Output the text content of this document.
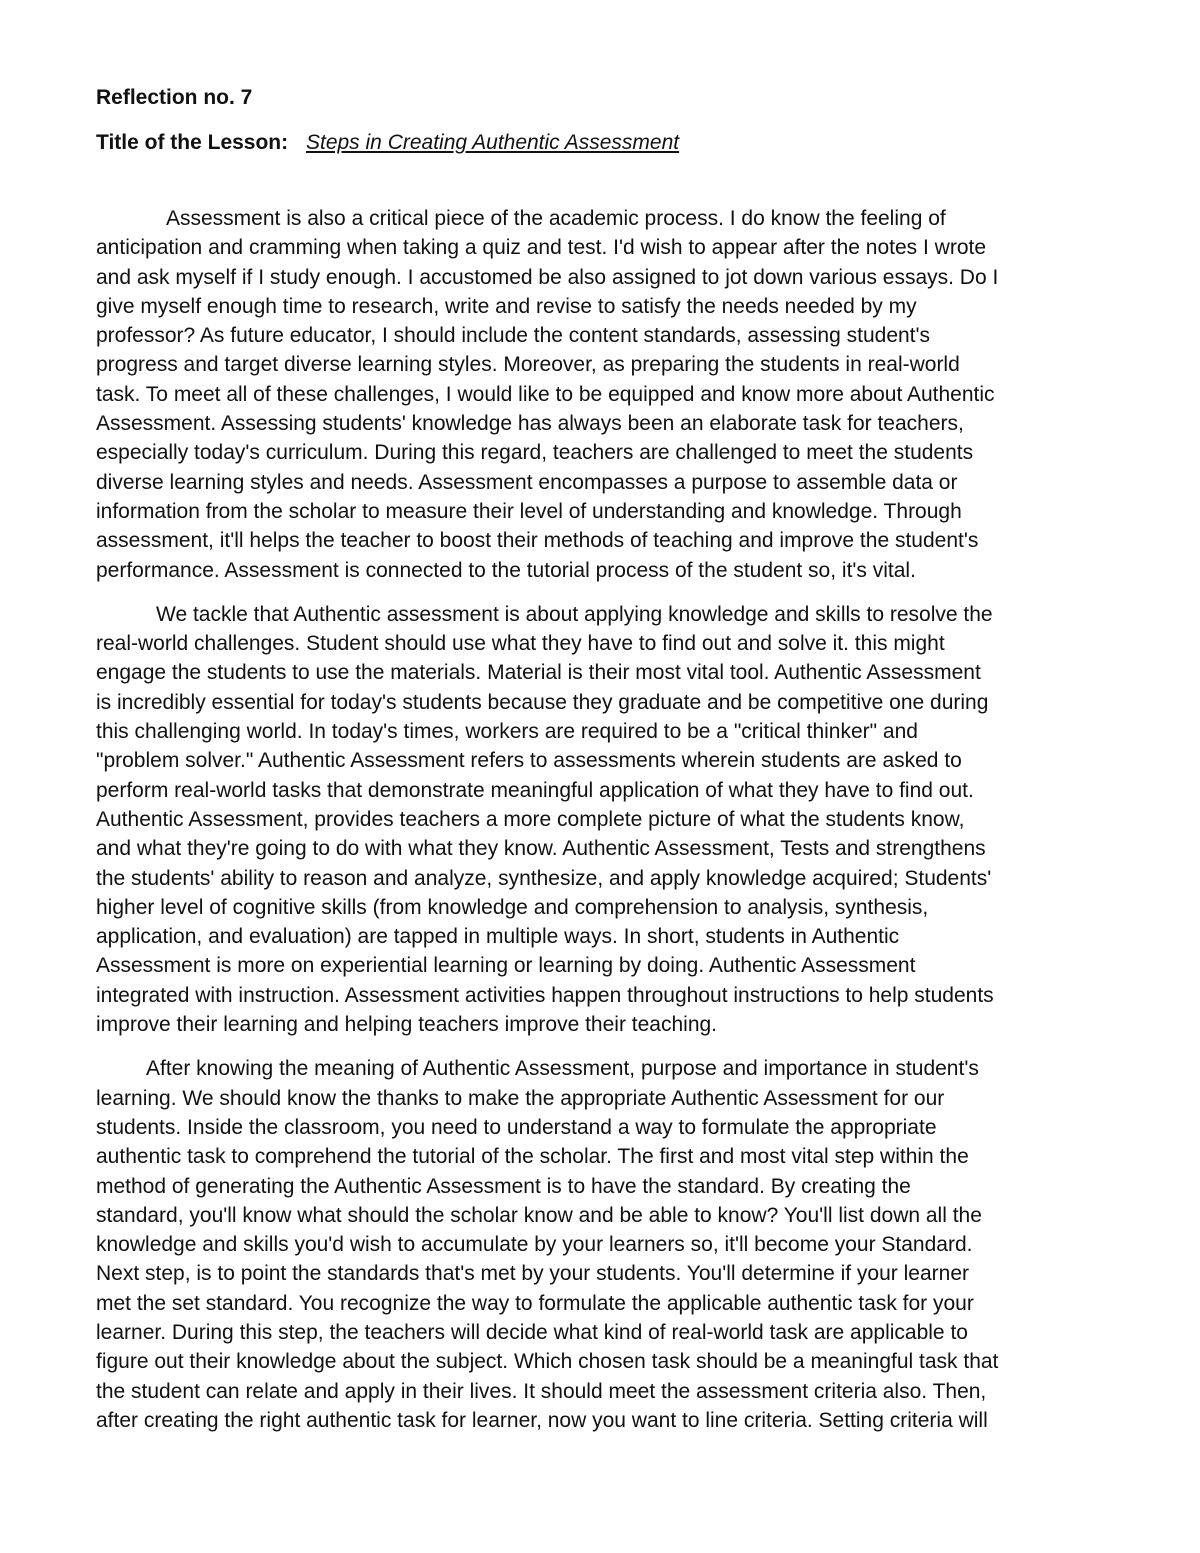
Reflection no. 7
Title of the Lesson: Steps in Creating Authentic Assessment

Assessment is also a critical piece of the academic process. I do know the feeling of
anticipation and cramming when taking a quiz and test. I'd wish to appear after the notes I wrote
and ask myself if I study enough. I accustomed be also assigned to jot down various essays. Do I
give myself enough time to research, write and revise to satisfy the needs needed by my
professor? As future educator, I should include the content standards, assessing student's
progress and target diverse learning styles. Moreover, as preparing the students in real-world
task. To meet all of these challenges, I would like to be equipped and know more about Authentic
Assessment. Assessing students' knowledge has always been an elaborate task for teachers,
especially today's curriculum. During this regard, teachers are challenged to meet the students
diverse learning styles and needs. Assessment encompasses a purpose to assemble data or
information from the scholar to measure their level of understanding and knowledge. Through
assessment, it'll helps the teacher to boost their methods of teaching and improve the student's
performance. Assessment is connected to the tutorial process of the student so, it's vital.

We tackle that Authentic assessment is about applying knowledge and skills to resolve the
real-world challenges. Student should use what they have to find out and solve it. this might
engage the students to use the materials. Material is their most vital tool. Authentic Assessment
is incredibly essential for today's students because they graduate and be competitive one during
this challenging world. In today's times, workers are required to be a "critical thinker" and
"problem solver." Authentic Assessment refers to assessments wherein students are asked to
perform real-world tasks that demonstrate meaningful application of what they have to find out.
Authentic Assessment, provides teachers a more complete picture of what the students know,
and what they're going to do with what they know. Authentic Assessment, Tests and strengthens
the students' ability to reason and analyze, synthesize, and apply knowledge acquired; Students'
higher level of cognitive skills (from knowledge and comprehension to analysis, synthesis,
application, and evaluation) are tapped in multiple ways. In short, students in Authentic
Assessment is more on experiential learning or learning by doing. Authentic Assessment
integrated with instruction. Assessment activities happen throughout instructions to help students
improve their learning and helping teachers improve their teaching.

After knowing the meaning of Authentic Assessment, purpose and importance in student's
learning. We should know the thanks to make the appropriate Authentic Assessment for our
students. Inside the classroom, you need to understand a way to formulate the appropriate
authentic task to comprehend the tutorial of the scholar. The first and most vital step within the
method of generating the Authentic Assessment is to have the standard. By creating the
standard, you'll know what should the scholar know and be able to know? You'll list down all the
knowledge and skills you'd wish to accumulate by your learners so, it'll become your Standard.
Next step, is to point the standards that's met by your students. You'll determine if your learner
met the set standard. You recognize the way to formulate the applicable authentic task for your
learner. During this step, the teachers will decide what kind of real-world task are applicable to
figure out their knowledge about the subject. Which chosen task should be a meaningful task that
the student can relate and apply in their lives. It should meet the assessment criteria also. Then,
after creating the right authentic task for learner, now you want to line criteria. Setting criteria will
